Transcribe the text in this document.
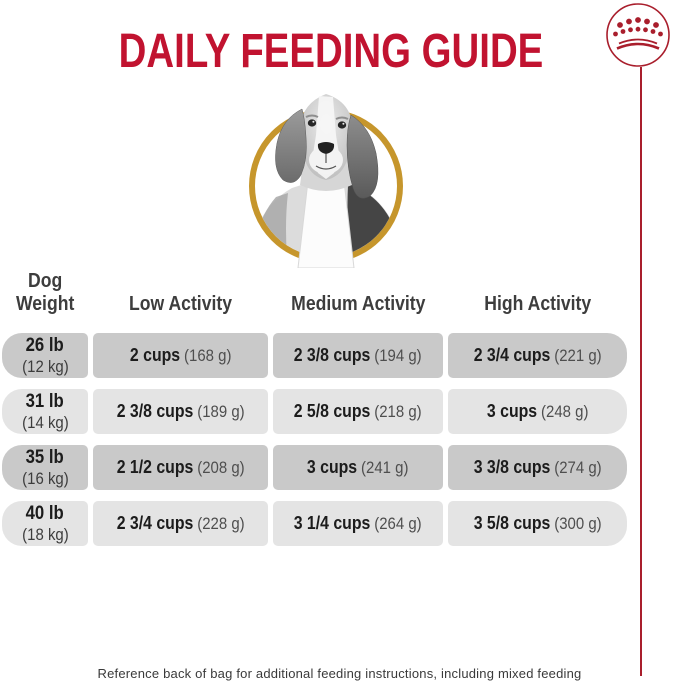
DAILY FEEDING GUIDE
Dog
Weight	Low Activity	Medium Activity	High Activity
26 lb
(12 kg)
2 cups (168 g)	2 3/8 cups (194 g)	2 3/4 cups (221 g)
31 lb
(14 kg)
2 3/8 cups (189 g)	2 5/8 cups (218 g)	3 cups (248 g)
35 lb
(16 kg)
2 1/2 cups (208 g)	3 cups (241 g)	3 3/8 cups (274 g)
40 lb
(18 kg)
2 3/4 cups (228 g)	3 1/4 cups (264 g)	3 5/8 cups (300 g)
Reference back of bag for additional feeding instructions, including mixed feeding
